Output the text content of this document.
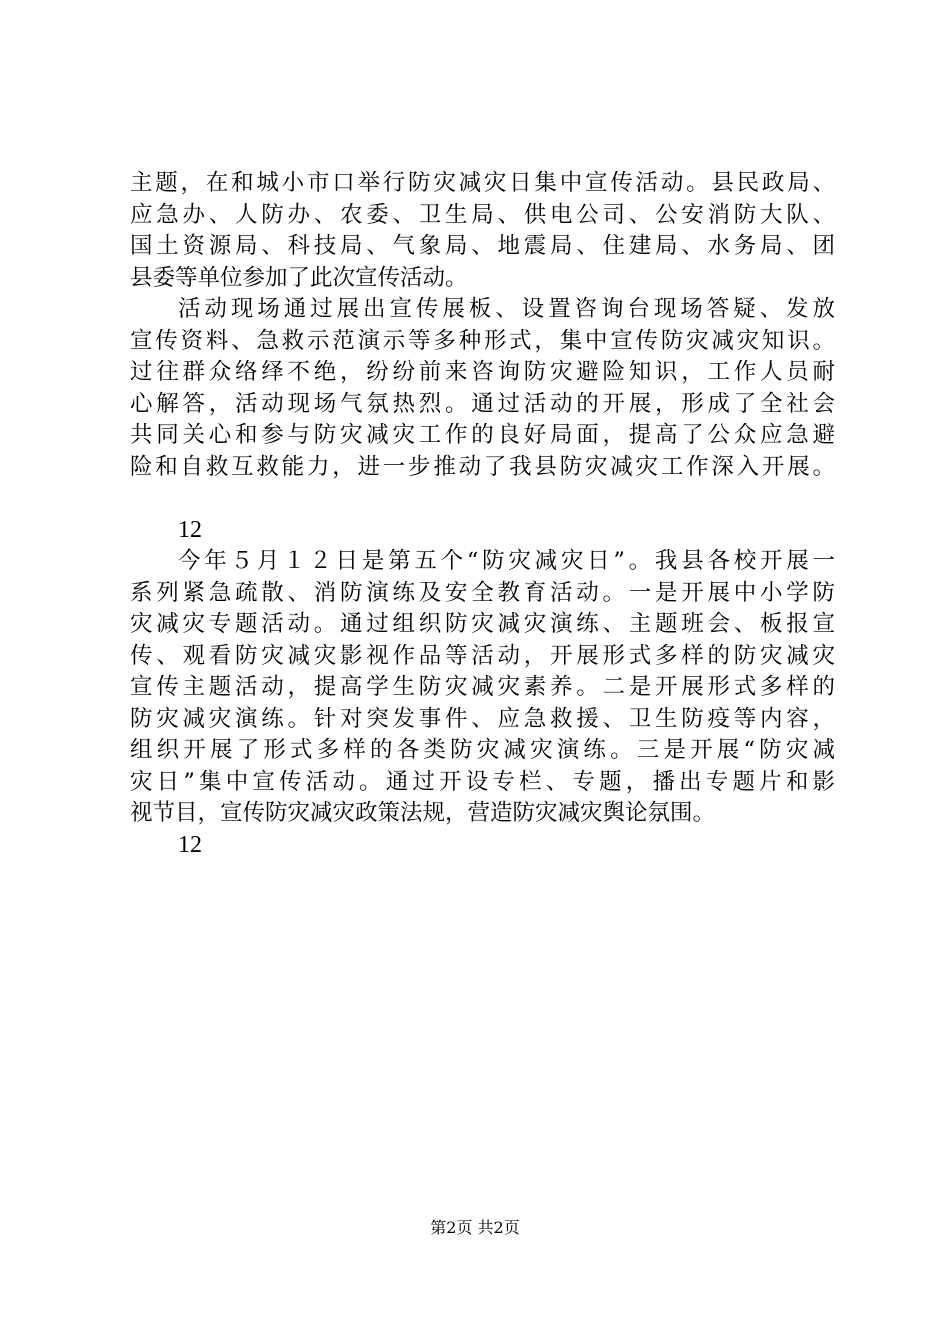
主题，在和城小市口举行防灾减灾日集中宣传活动。县民政局、
应急办、人防办、农委、卫生局、供电公司、公安消防大队、
国土资源局、科技局、气象局、地震局、住建局、水务局、团
县委等单位参加了此次宣传活动。
活动现场通过展出宣传展板、设置咨询台现场答疑、发放
宣传资料、急救示范演示等多种形式，集中宣传防灾减灾知识。
过往群众络绎不绝，纷纷前来咨询防灾避险知识，工作人员耐
心解答，活动现场气氛热烈。通过活动的开展，形成了全社会
共同关心和参与防灾减灾工作的良好局面，提高了公众应急避
险和自救互救能力，进一步推动了我县防灾减灾工作深入开展。
12
今年５月１２日是第五个“防灾减灾日”。我县各校开展一
系列紧急疏散、消防演练及安全教育活动。一是开展中小学防
灾减灾专题活动。通过组织防灾减灾演练、主题班会、板报宣
传、观看防灾减灾影视作品等活动，开展形式多样的防灾减灾
宣传主题活动，提高学生防灾减灾素养。二是开展形式多样的
防灾减灾演练。针对突发事件、应急救援、卫生防疫等内容，
组织开展了形式多样的各类防灾减灾演练。三是开展“防灾减
灾日”集中宣传活动。通过开设专栏、专题，播出专题片和影
视节目，宣传防灾减灾政策法规，营造防灾减灾舆论氛围。
12
第2页 共2页
